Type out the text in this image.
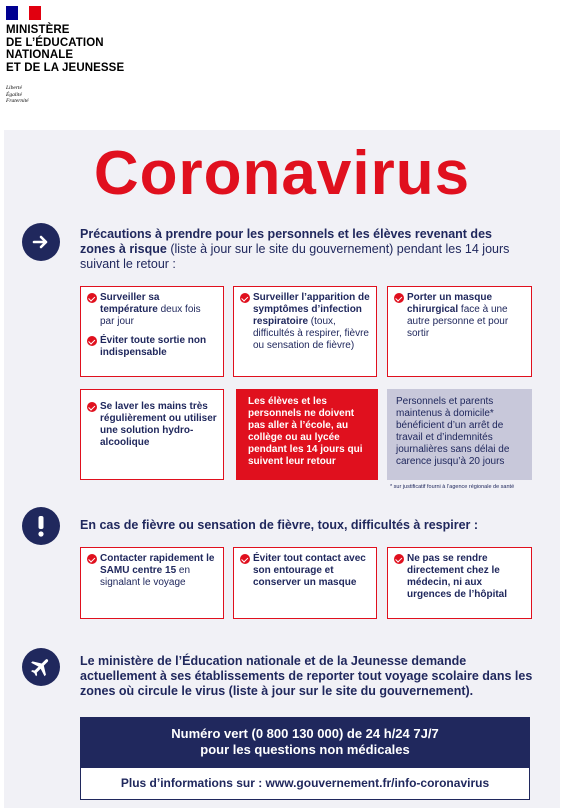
MINISTÈRE
DE L’ÉDUCATION
NATIONALE
ET DE LA JEUNESSE
Liberté
Égalité
Fraternité
Coronavirus
Précautions à prendre pour les personnels et les élèves revenant des zones à risque (liste à jour sur le site du gouvernement) pendant les 14 jours suivant le retour :
Surveiller sa température deux fois par jour
Éviter toute sortie non indispensable
Surveiller l’apparition de symptômes d’infection respiratoire (toux, difficultés à respirer, fièvre ou sensation de fièvre)
Porter un masque chirurgical face à une autre personne et pour sortir
Se laver les mains très régulièrement ou utiliser une solution hydro-alcoolique
Les élèves et les personnels ne doivent pas aller à l’école, au collège ou au lycée pendant les 14 jours qui suivent leur retour
Personnels et parents maintenus à domicile* bénéficient d’un arrêt de travail et d’indemnités journalières sans délai de carence jusqu’à 20 jours
* sur justificatif fourni à l’agence régionale de santé
En cas de fièvre ou sensation de fièvre, toux, difficultés à respirer :
Contacter rapidement le SAMU centre 15 en signalant le voyage
Éviter tout contact avec son entourage et conserver un masque
Ne pas se rendre directement chez le médecin, ni aux urgences de l’hôpital
Le ministère de l’Éducation nationale et de la Jeunesse demande actuellement à ses établissements de reporter tout voyage scolaire dans les zones où circule le virus (liste à jour sur le site du gouvernement).
Numéro vert (0 800 130 000) de 24 h/24 7J/7
pour les questions non médicales
Plus d’informations sur : www.gouvernement.fr/info-coronavirus
